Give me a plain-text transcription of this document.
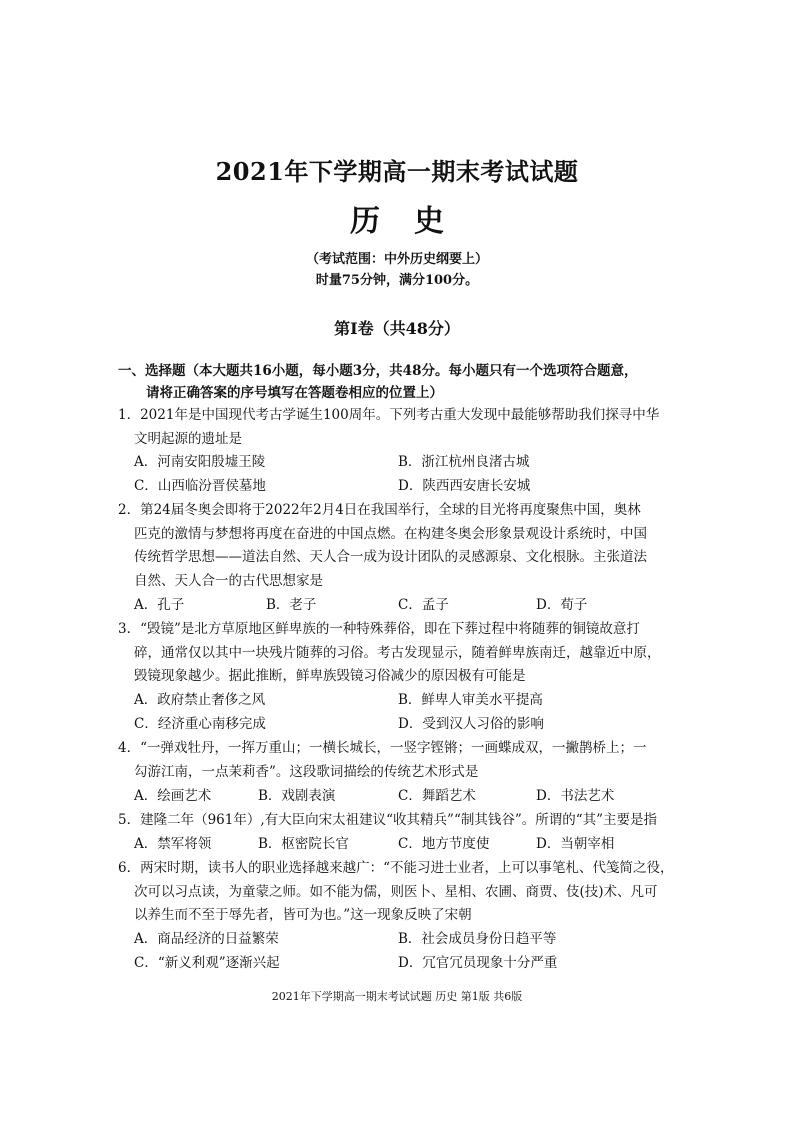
2021年下学期高一期末考试试题
历史
（考试范围：中外历史纲要上）
时量75分钟，满分100分。
第Ⅰ卷（共48分）
一、选择题（本大题共16小题，每小题3分，共48分。每小题只有一个选项符合题意，
请将正确答案的序号填写在答题卷相应的位置上）
1．2021年是中国现代考古学诞生100周年。下列考古重大发现中最能够帮助我们探寻中华
文明起源的遗址是
A．河南安阳殷墟王陵	B．浙江杭州良渚古城
C．山西临汾晋侯墓地	D．陕西西安唐长安城
2．第24届冬奥会即将于2022年2月4日在我国举行，全球的目光将再度聚焦中国，奥林
匹克的激情与梦想将再度在奋进的中国点燃。在构建冬奥会形象景观设计系统时，中国
传统哲学思想——道法自然、天人合一成为设计团队的灵感源泉、文化根脉。主张道法
自然、天人合一的古代思想家是
A．孔子	B．老子	C．孟子	D．荀子
3．“毁镜”是北方草原地区鲜卑族的一种特殊葬俗，即在下葬过程中将随葬的铜镜故意打
碎，通常仅以其中一块残片随葬的习俗。考古发现显示，随着鲜卑族南迁，越靠近中原，
毁镜现象越少。据此推断，鲜卑族毁镜习俗减少的原因极有可能是
A．政府禁止奢侈之风	B．鲜卑人审美水平提高
C．经济重心南移完成	D．受到汉人习俗的影响
4．“一弹戏牡丹，一挥万重山；一横长城长，一竖字铿锵；一画蝶成双，一撇鹊桥上；一
勾游江南，一点茉莉香”。这段歌词描绘的传统艺术形式是
A．绘画艺术	B．戏剧表演	C．舞蹈艺术	D．书法艺术
5．建隆二年（961年）,有大臣向宋太祖建议“收其精兵”“制其钱谷”。所谓的“其”主要是指
A．禁军将领	B．枢密院长官	C．地方节度使	D．当朝宰相
6．两宋时期，读书人的职业选择越来越广：“不能习进士业者，上可以事笔札、代笺简之役，
次可以习点读，为童蒙之师。如不能为儒，则医卜、星相、农圃、商贾、伎(技)术、凡可
以养生而不至于辱先者，皆可为也。”这一现象反映了宋朝
A．商品经济的日益繁荣	B．社会成员身份日趋平等
C．“新义利观”逐渐兴起	D．冗官冗员现象十分严重
2021年下学期高一期末考试试题 历史 第1版 共6版
